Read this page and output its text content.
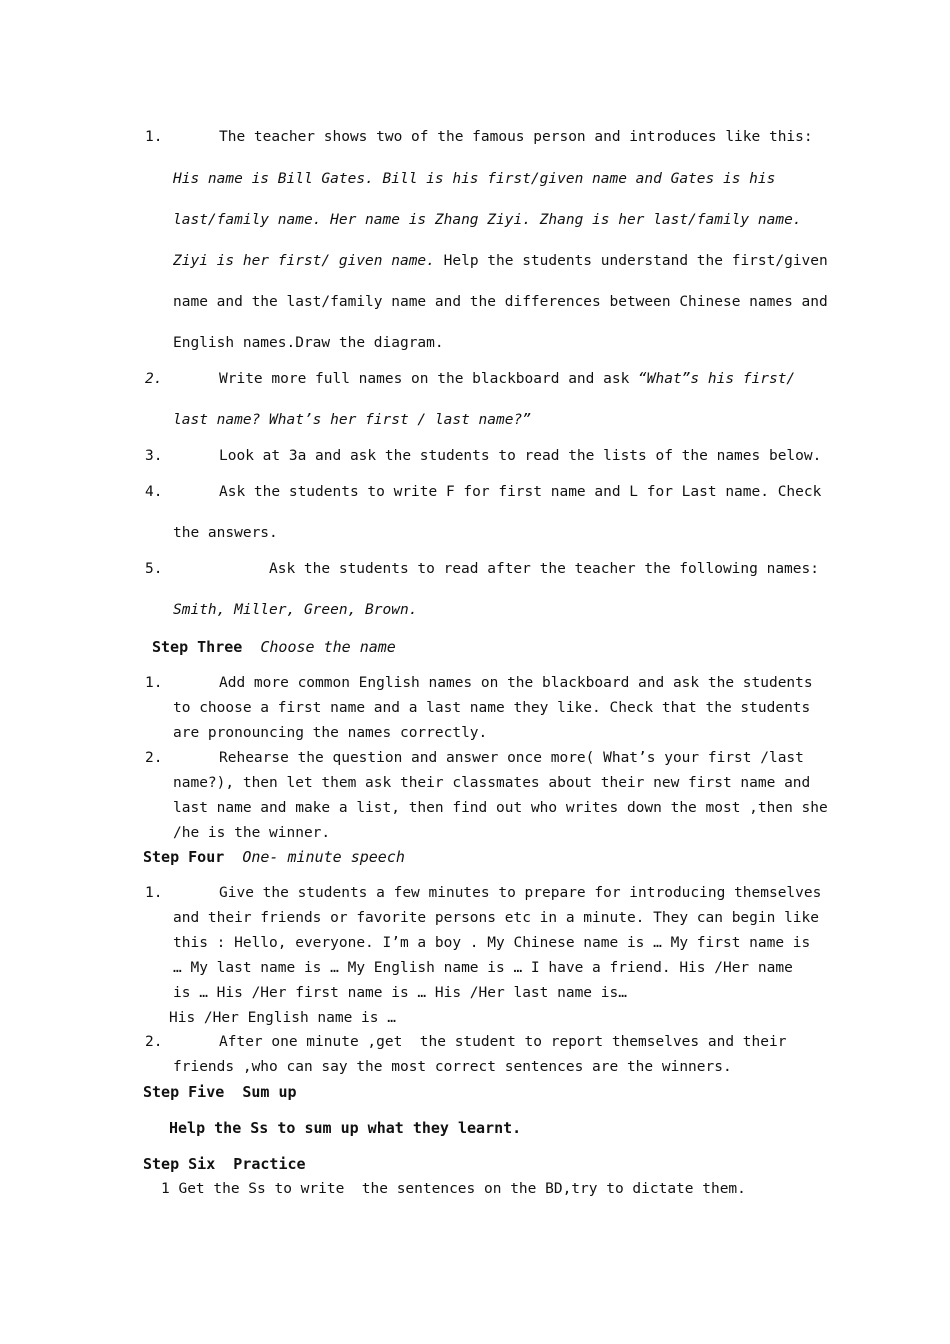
1.	The teacher shows two of the famous person and introduces like this:
His name is Bill Gates. Bill is his first/given name and Gates is his
last/family name. Her name is Zhang Ziyi. Zhang is her last/family name.
Ziyi is her first/ given name. Help the students understand the first/given
name and the last/family name and the differences between Chinese names and
English names.Draw the diagram.
2.	Write more full names on the blackboard and ask “What”s his first/
last name? What’s her first / last name?”
3.	Look at 3a and ask the students to read the lists of the names below.
4.	Ask the students to write F for first name and L for Last name. Check
the answers.
5.	Ask the students to read after the teacher the following names:
Smith, Miller, Green, Brown.
Step Three  Choose the name
1.	Add more common English names on the blackboard and ask the students
to choose a first name and a last name they like. Check that the students
are pronouncing the names correctly.
2.	Rehearse the question and answer once more( What’s your first /last
name?), then let them ask their classmates about their new first name and
last name and make a list, then find out who writes down the most ,then she
/he is the winner.
Step Four  One- minute speech
1.	Give the students a few minutes to prepare for introducing themselves
and their friends or favorite persons etc in a minute. They can begin like
this : Hello, everyone. I’m a boy . My Chinese name is … My first name is
… My last name is … My English name is … I have a friend. His /Her name
is … His /Her first name is … His /Her last name is…
His /Her English name is …
2.	After one minute ,get  the student to report themselves and their
friends ,who can say the most correct sentences are the winners.
Step Five  Sum up
Help the Ss to sum up what they learnt.
Step Six  Practice
1 Get the Ss to write  the sentences on the BD,try to dictate them.
